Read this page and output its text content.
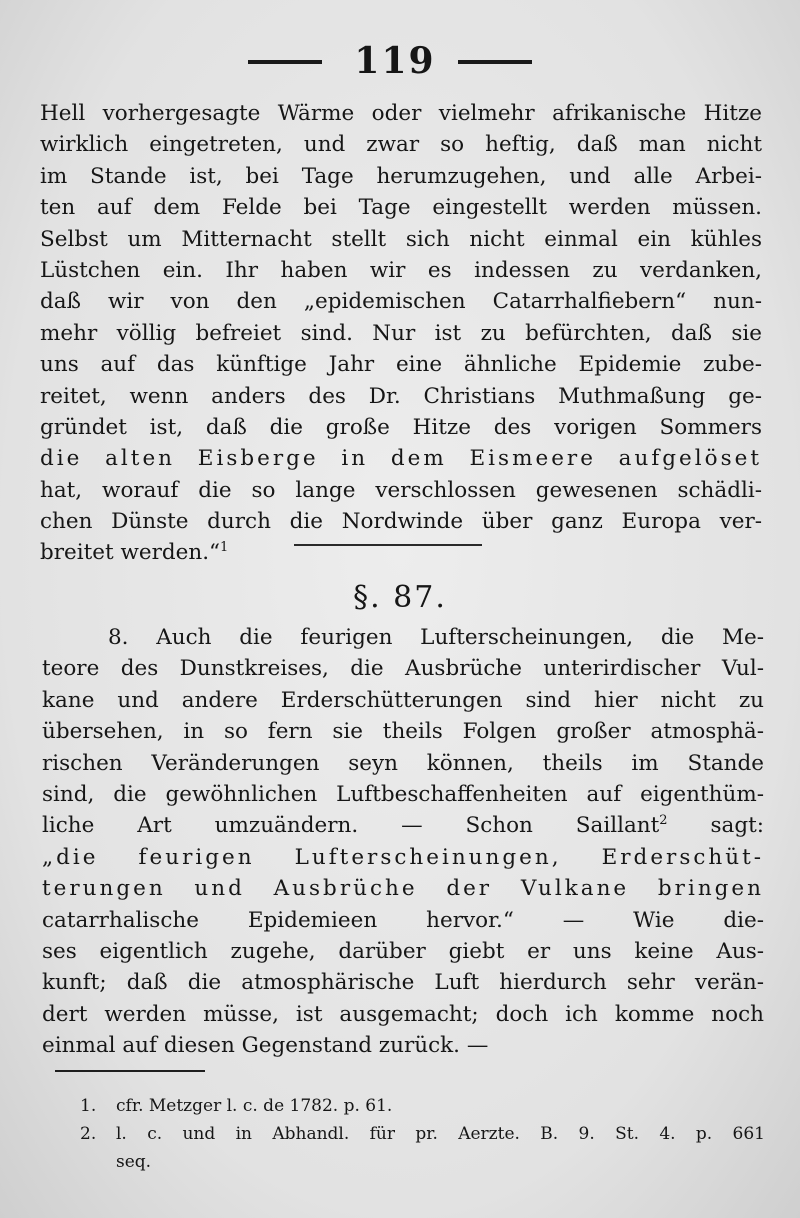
119
Hell vorhergesagte Wärme oder vielmehr afrikanische Hitze
wirklich eingetreten, und zwar so heftig, daß man nicht
im Stande ist, bei Tage herumzugehen, und alle Arbei-
ten auf dem Felde bei Tage eingestellt werden müssen.
Selbst um Mitternacht stellt sich nicht einmal ein kühles
Lüstchen ein. Ihr haben wir es indessen zu verdanken,
daß wir von den „epidemischen Catarrhalfiebern“ nun-
mehr völlig befreiet sind. Nur ist zu befürchten, daß sie
uns auf das künftige Jahr eine ähnliche Epidemie zube-
reitet, wenn anders des Dr. Christians Muthmaßung ge-
gründet ist, daß die große Hitze des vorigen Sommers
die alten Eisberge in dem Eismeere aufgelöset
hat, worauf die so lange verschlossen gewesenen schädli-
chen Dünste durch die Nordwinde über ganz Europa ver-
breitet werden.“$^1$
§. 87.
8. Auch die feurigen Lufterscheinungen, die Me-
teore des Dunstkreises, die Ausbrüche unterirdischer Vul-
kane und andere Erderschütterungen sind hier nicht zu
übersehen, in so fern sie theils Folgen großer atmosphä-
rischen Veränderungen seyn können, theils im Stande
sind, die gewöhnlichen Luftbeschaffenheiten auf eigenthüm-
liche Art umzuändern. — Schon Saillant$^2$ sagt:
„die feurigen Lufterscheinungen, Erderschüt-
terungen und Ausbrüche der Vulkane bringen
catarrhalische Epidemieen hervor.“ — Wie die-
ses eigentlich zugehe, darüber giebt er uns keine Aus-
kunft; daß die atmosphärische Luft hierdurch sehr verän-
dert werden müsse, ist ausgemacht; doch ich komme noch
einmal auf diesen Gegenstand zurück. —
1. cfr. Metzger l. c. de 1782. p. 61.
2. l. c. und in Abhandl. für pr. Aerzte. B. 9. St. 4. p. 661
seq.
